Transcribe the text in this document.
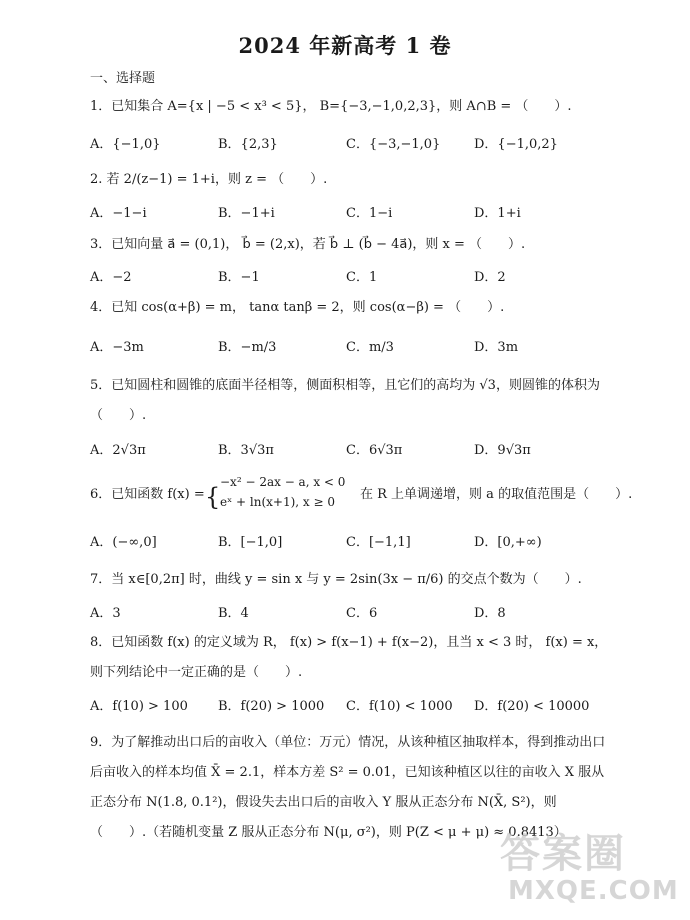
2024 年新高考 1 卷
一、选择题
1．已知集合 A={x | −5 < x³ < 5}， B={−3,−1,0,2,3}，则 A∩B = （　　）.
A．{−1,0}	B．{2,3}	C．{−3,−1,0}	D．{−1,0,2}
2. 若 2/(z−1) = 1+i，则 z = （　　）.
A．−1−i	B．−1+i	C．1−i	D．1+i
3．已知向量 a⃗ = (0,1)， b⃗ = (2,x)，若 b⃗ ⊥ (b⃗ − 4a⃗)，则 x = （　　）.
A．−2	B．−1	C．1	D．2
4．已知 cos(α+β) = m， tanα tanβ = 2，则 cos(α−β) = （　　）.
A．−3m	B．−m/3	C．m/3	D．3m
5．已知圆柱和圆锥的底面半径相等，侧面积相等，且它们的高均为 √3，则圆锥的体积为（　　）.
A．2√3π	B．3√3π	C．6√3π	D．9√3π
6．已知函数 f(x) = {
−x² − 2ax − a, x < 0
eˣ + ln(x+1), x ≥ 0 在 R 上单调递增，则 a 的取值范围是（　　）.
A．(−∞,0]	B．[−1,0]	C．[−1,1]	D．[0,+∞)
7．当 x∈[0,2π] 时，曲线 y = sin x 与 y = 2sin(3x − π/6) 的交点个数为（　　）.
A．3	B．4	C．6	D．8
8．已知函数 f(x) 的定义域为 R， f(x) > f(x−1) + f(x−2)，且当 x < 3 时， f(x) = x，则下列结论中一定正确的是（　　）.
A．f(10) > 100 B．f(20) > 1000 C．f(10) < 1000 D．f(20) < 10000
9．为了解推动出口后的亩收入（单位：万元）情况，从该种植区抽取样本，得到推动出口后亩收入的样本均值 X̄ = 2.1，样本方差 S² = 0.01，已知该种植区以往的亩收入 X 服从正态分布 N(1.8, 0.1²)，假设失去出口后的亩收入 Y 服从正态分布 N(X̄, S²)，则（　　）.（若随机变量 Z 服从正态分布 N(μ, σ²)，则 P(Z < μ + μ) ≈ 0.8413）
答案圈
MXQE.COM
